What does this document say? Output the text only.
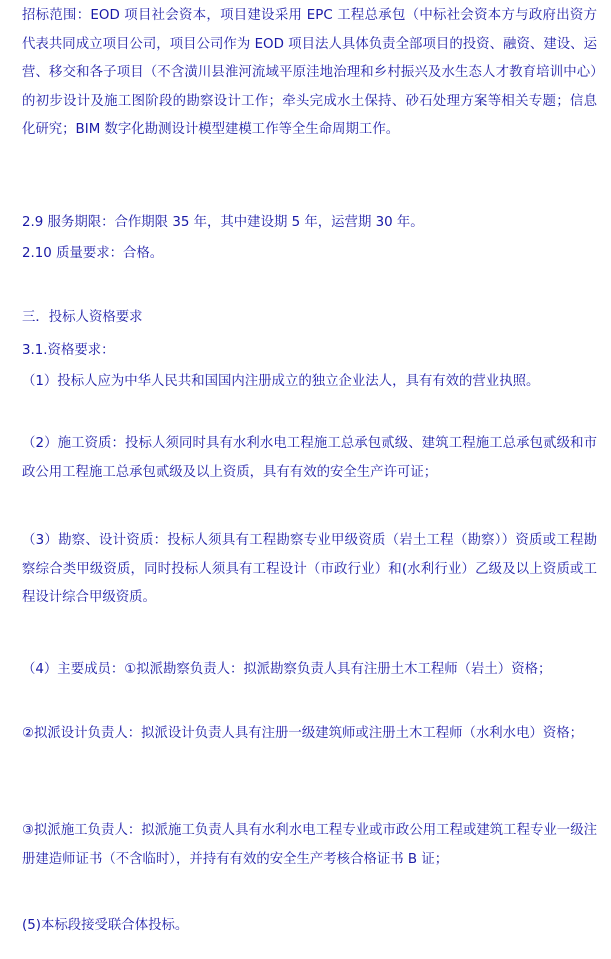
招标范围：EOD 项目社会资本，项目建设采用 EPC 工程总承包（中标社会资本方与政府出资方代表共同成立项目公司，项目公司作为 EOD 项目法人具体负责全部项目的投资、融资、建设、运营、移交和各子项目（不含潢川县淮河流域平原洼地治理和乡村振兴及水生态人才教育培训中心）的初步设计及施工图阶段的勘察设计工作；牵头完成水土保持、砂石处理方案等相关专题；信息化研究；BIM 数字化勘测设计模型建模工作等全生命周期工作。
2.9 服务期限：合作期限 35 年，其中建设期 5 年，运营期 30 年。
2.10 质量要求：合格。
三．投标人资格要求
3.1.资格要求：
（1）投标人应为中华人民共和国国内注册成立的独立企业法人，具有有效的营业执照。
（2）施工资质：投标人须同时具有水利水电工程施工总承包贰级、建筑工程施工总承包贰级和市政公用工程施工总承包贰级及以上资质，具有有效的安全生产许可证；
（3）勘察、设计资质：投标人须具有工程勘察专业甲级资质（岩土工程（勘察））资质或工程勘察综合类甲级资质，同时投标人须具有工程设计（市政行业）和(水利行业）乙级及以上资质或工程设计综合甲级资质。
（4）主要成员：①拟派勘察负责人：拟派勘察负责人具有注册土木工程师（岩土）资格；
②拟派设计负责人：拟派设计负责人具有注册一级建筑师或注册土木工程师（水利水电）资格；
③拟派施工负责人：拟派施工负责人具有水利水电工程专业或市政公用工程或建筑工程专业一级注册建造师证书（不含临时），并持有有效的安全生产考核合格证书 B 证；
(5)本标段接受联合体投标。
